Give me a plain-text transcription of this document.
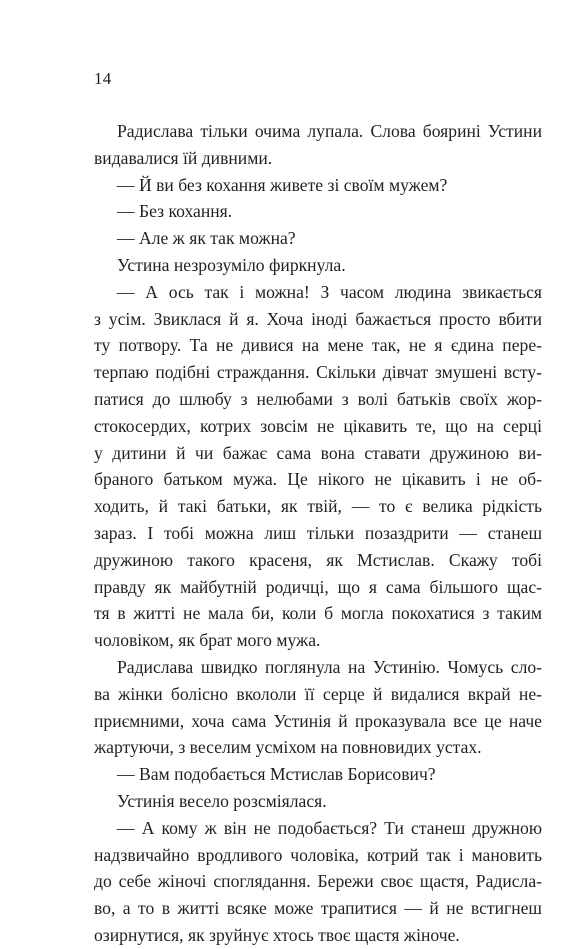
14
Радислава тільки очима лупала. Слова боярині Устини
видавалися їй дивними.
— Й ви без кохання живете зі своїм мужем?
— Без кохання.
— Але ж як так можна?
Устина незрозуміло фиркнула.
— А ось так і можна! З часом людина звикається
з усім. Звиклася й я. Хоча іноді бажається просто вбити
ту потвору. Та не дивися на мене так, не я єдина пере-
терпаю подібні страждання. Скільки дівчат змушені всту-
патися до шлюбу з нелюбами з волі батьків своїх жор-
стокосердих, котрих зовсім не цікавить те, що на серці
у дитини й чи бажає сама вона ставати дружиною ви-
браного батьком мужа. Це нікого не цікавить і не об-
ходить, й такі батьки, як твій, — то є велика рідкість
зараз. І тобі можна лиш тільки позаздрити — станеш
дружиною такого красеня, як Мстислав. Скажу тобі
правду як майбутній родичці, що я сама більшого щас-
тя в житті не мала би, коли б могла покохатися з таким
чоловіком, як брат мого мужа.
Радислава швидко поглянула на Устинію. Чомусь сло-
ва жінки болісно вкололи її серце й видалися вкрай не-
приємними, хоча сама Устинія й проказувала все це наче
жартуючи, з веселим усміхом на повновидих устах.
— Вам подобається Мстислав Борисович?
Устинія весело розсміялася.
— А кому ж він не подобається? Ти станеш дружною
надзвичайно вродливого чоловіка, котрий так і мановить
до себе жіночі споглядання. Бережи своє щастя, Радисла-
во, а то в житті всяке може трапитися — й не встигнеш
озирнутися, як зруйнує хтось твоє щастя жіноче.
